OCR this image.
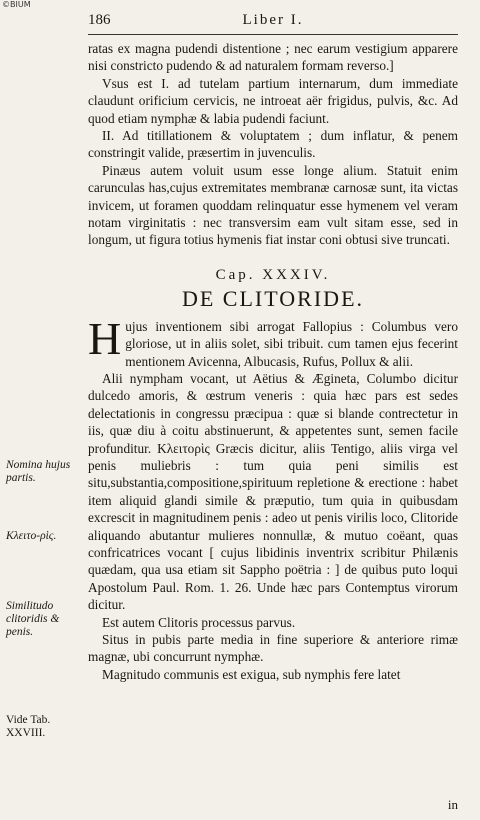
©BIUM
186	Liber I.

ratas ex magna pudendi distentione ; nec earum vestigium apparere nisi constricto pudendo & ad naturalem formam reverso.]

Vsus est I. ad tutelam partium internarum, dum immediate claudunt orificium cervicis, ne introeat aër frigidus, pulvis, &c. Ad quod etiam nymphæ & labia pudendi faciunt.

II. Ad titillationem & voluptatem ; dum inflatur, & penem constringit valide, præsertim in juvenculis.

Pinæus autem voluit usum esse longe alium. Statuit enim carunculas has,cujus extremitates membranæ carnosæ sunt, ita victas invicem, ut foramen quoddam relinquatur esse hymenem vel veram notam virginitatis : nec transversim eam vult sitam esse, sed in longum, ut figura totius hymenis fiat instar coni obtusi sive truncati.

Cap. XXXIV.
DE CLITORIDE.

H ujus inventionem sibi arrogat Fallopius : Columbus vero gloriose, ut in aliis solet, sibi tribuit. cum tamen ejus fecerint mentionem Avicenna, Albucasis, Rufus, Pollux & alii.

Alii nympham vocant, ut Aëtius & Ægineta, Columbo dicitur dulcedo amoris, & œstrum veneris : quia hæc pars est sedes delectationis in congressu præcipua : quæ si blande contrectetur in iis, quæ diu à coitu abstinuerunt, & appetentes sunt, semen facile profunditur. Κλειτορὶς Græcis dicitur, aliis Tentigo, aliis virga vel penis muliebris : tum quia peni similis est situ,substantia,compositione,spirituum repletione & erectione : habet item aliquid glandi simile & præputio, tum quia in quibusdam excrescit in magnitudinem penis : adeo ut penis virilis loco, Clitoride aliquando abutantur mulieres nonnullæ, & mutuo coëant, quas confricatrices vocant [ cujus libidinis inventrix scribitur Philænis quædam, qua usa etiam sit Sappho poëtria : ] de quibus puto loqui Apostolum Paul. Rom. 1. 26. Unde hæc pars Contemptus virorum dicitur.

Est autem Clitoris processus parvus.

Situs in pubis parte media in fine superiore & anteriore rimæ magnæ, ubi concurrunt nymphæ.

Magnitudo communis est exigua, sub nymphis fere latet

Nomina hujus partis.
Κλειτο-ρὶς.
Similitudo clitoridis & penis.
Vide Tab. XXVIII.
in
